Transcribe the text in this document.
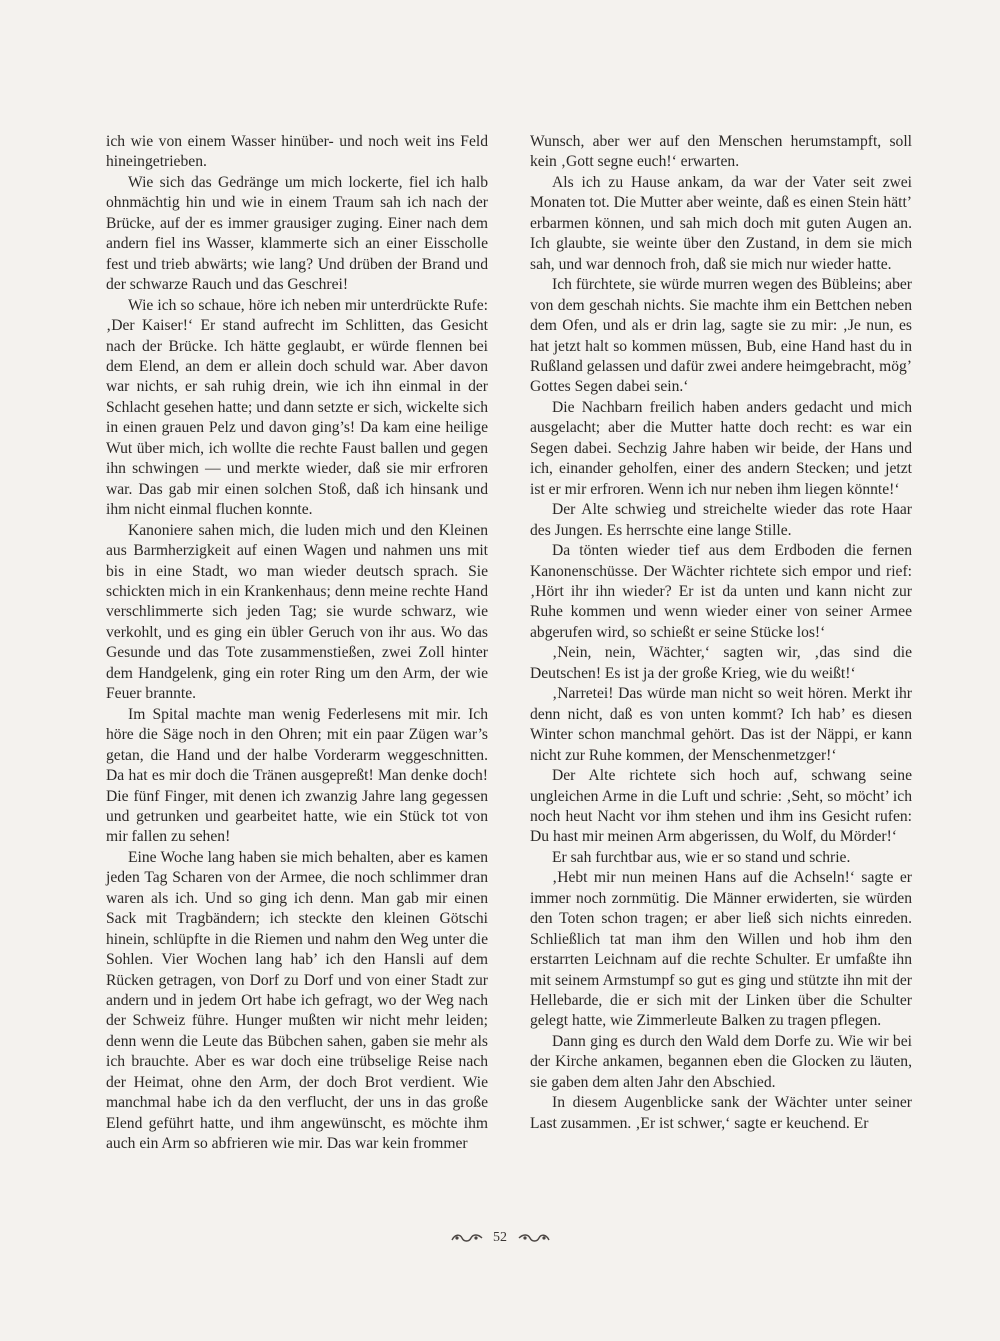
ich wie von einem Wasser hinüber- und noch weit ins Feld hineingetrieben.

Wie sich das Gedränge um mich lockerte, fiel ich halb ohnmächtig hin und wie in einem Traum sah ich nach der Brücke, auf der es immer grausiger zuging. Einer nach dem andern fiel ins Wasser, klammerte sich an einer Eisscholle fest und trieb abwärts; wie lang? Und drüben der Brand und der schwarze Rauch und das Geschrei!

Wie ich so schaue, höre ich neben mir unterdrückte Rufe: ‚Der Kaiser!‘ Er stand aufrecht im Schlitten, das Gesicht nach der Brücke. Ich hätte geglaubt, er würde flennen bei dem Elend, an dem er allein doch schuld war. Aber davon war nichts, er sah ruhig drein, wie ich ihn einmal in der Schlacht gesehen hatte; und dann setzte er sich, wickelte sich in einen grauen Pelz und davon ging’s! Da kam eine heilige Wut über mich, ich wollte die rechte Faust ballen und gegen ihn schwingen — und merkte wieder, daß sie mir erfroren war. Das gab mir einen solchen Stoß, daß ich hinsank und ihm nicht einmal fluchen konnte.

Kanoniere sahen mich, die luden mich und den Kleinen aus Barmherzigkeit auf einen Wagen und nahmen uns mit bis in eine Stadt, wo man wieder deutsch sprach. Sie schickten mich in ein Krankenhaus; denn meine rechte Hand verschlimmerte sich jeden Tag; sie wurde schwarz, wie verkohlt, und es ging ein übler Geruch von ihr aus. Wo das Gesunde und das Tote zusammenstießen, zwei Zoll hinter dem Handgelenk, ging ein roter Ring um den Arm, der wie Feuer brannte.

Im Spital machte man wenig Federlesens mit mir. Ich höre die Säge noch in den Ohren; mit ein paar Zügen war’s getan, die Hand und der halbe Vorderarm weggeschnitten. Da hat es mir doch die Tränen ausgepreßt! Man denke doch! Die fünf Finger, mit denen ich zwanzig Jahre lang gegessen und getrunken und gearbeitet hatte, wie ein Stück tot von mir fallen zu sehen!

Eine Woche lang haben sie mich behalten, aber es kamen jeden Tag Scharen von der Armee, die noch schlimmer dran waren als ich. Und so ging ich denn. Man gab mir einen Sack mit Tragbändern; ich steckte den kleinen Götschi hinein, schlüpfte in die Riemen und nahm den Weg unter die Sohlen. Vier Wochen lang hab’ ich den Hansli auf dem Rücken getragen, von Dorf zu Dorf und von einer Stadt zur andern und in jedem Ort habe ich gefragt, wo der Weg nach der Schweiz führe. Hunger mußten wir nicht mehr leiden; denn wenn die Leute das Bübchen sahen, gaben sie mehr als ich brauchte. Aber es war doch eine trübselige Reise nach der Heimat, ohne den Arm, der doch Brot verdient. Wie manchmal habe ich da den verflucht, der uns in das große Elend geführt hatte, und ihm angewünscht, es möchte ihm auch ein Arm so abfrieren wie mir. Das war kein frommer

Wunsch, aber wer auf den Menschen herumstampft, soll kein ‚Gott segne euch!‘ erwarten.

Als ich zu Hause ankam, da war der Vater seit zwei Monaten tot. Die Mutter aber weinte, daß es einen Stein hätt’ erbarmen können, und sah mich doch mit guten Augen an. Ich glaubte, sie weinte über den Zustand, in dem sie mich sah, und war dennoch froh, daß sie mich nur wieder hatte.

Ich fürchtete, sie würde murren wegen des Bübleins; aber von dem geschah nichts. Sie machte ihm ein Bettchen neben dem Ofen, und als er drin lag, sagte sie zu mir: ‚Je nun, es hat jetzt halt so kommen müssen, Bub, eine Hand hast du in Rußland gelassen und dafür zwei andere heimgebracht, mög’ Gottes Segen dabei sein.‘

Die Nachbarn freilich haben anders gedacht und mich ausgelacht; aber die Mutter hatte doch recht: es war ein Segen dabei. Sechzig Jahre haben wir beide, der Hans und ich, einander geholfen, einer des andern Stecken; und jetzt ist er mir erfroren. Wenn ich nur neben ihm liegen könnte!‘

Der Alte schwieg und streichelte wieder das rote Haar des Jungen. Es herrschte eine lange Stille.

Da tönten wieder tief aus dem Erdboden die fernen Kanonenschüsse. Der Wächter richtete sich empor und rief: ‚Hört ihr ihn wieder? Er ist da unten und kann nicht zur Ruhe kommen und wenn wieder einer von seiner Armee abgerufen wird, so schießt er seine Stücke los!‘

‚Nein, nein, Wächter,‘ sagten wir, ‚das sind die Deutschen! Es ist ja der große Krieg, wie du weißt!‘

‚Narretei! Das würde man nicht so weit hören. Merkt ihr denn nicht, daß es von unten kommt? Ich hab’ es diesen Winter schon manchmal gehört. Das ist der Näppi, er kann nicht zur Ruhe kommen, der Menschenmetzger!‘

Der Alte richtete sich hoch auf, schwang seine ungleichen Arme in die Luft und schrie: ‚Seht, so möcht’ ich noch heut Nacht vor ihm stehen und ihm ins Gesicht rufen: Du hast mir meinen Arm abgerissen, du Wolf, du Mörder!‘

Er sah furchtbar aus, wie er so stand und schrie.

‚Hebt mir nun meinen Hans auf die Achseln!‘ sagte er immer noch zornmütig. Die Männer erwiderten, sie würden den Toten schon tragen; er aber ließ sich nichts einreden. Schließlich tat man ihm den Willen und hob ihm den erstarrten Leichnam auf die rechte Schulter. Er umfaßte ihn mit seinem Armstumpf so gut es ging und stützte ihn mit der Hellebarde, die er sich mit der Linken über die Schulter gelegt hatte, wie Zimmerleute Balken zu tragen pflegen.

Dann ging es durch den Wald dem Dorfe zu. Wie wir bei der Kirche ankamen, begannen eben die Glocken zu läuten, sie gaben dem alten Jahr den Abschied.

In diesem Augenblicke sank der Wächter unter seiner Last zusammen. ‚Er ist schwer,‘ sagte er keuchend. Er

52
